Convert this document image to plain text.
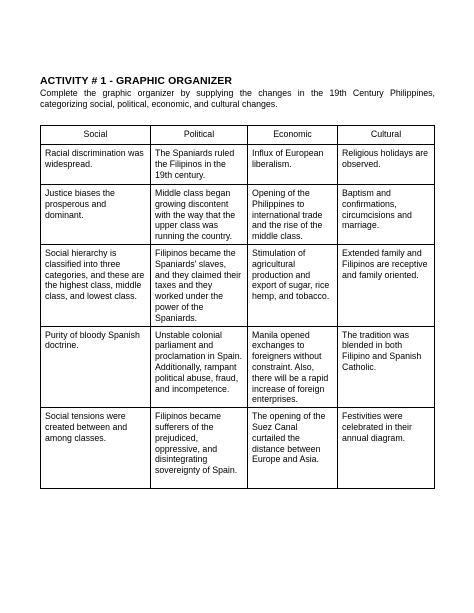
ACTIVITY # 1 - GRAPHIC ORGANIZER
Complete the graphic organizer by supplying the changes in the 19th Century Philippines, categorizing social, political, economic, and cultural changes.
Social	Political	Economic	Cultural
Racial discrimination was widespread.	The Spaniards ruled the Filipinos in the 19th century.	Influx of European liberalism.	Religious holidays are observed.
Justice biases the prosperous and dominant.	Middle class began growing discontent with the way that the upper class was running the country.	Opening of the Philippines to international trade and the rise of the middle class.	Baptism and confirmations, circumcisions and marriage.
Social hierarchy is classified into three categories, and these are the highest class, middle class, and lowest class.	Filipinos became the Spaniards' slaves, and they claimed their taxes and they worked under the power of the Spaniards.	Stimulation of agricultural production and export of sugar, rice hemp, and tobacco.	Extended family and Filipinos are receptive and family oriented.
Purity of bloody Spanish doctrine.	Unstable colonial parliament and proclamation in Spain. Additionally, rampant political abuse, fraud, and incompetence.	Manila opened exchanges to foreigners without constraint. Also, there will be a rapid increase of foreign enterprises.	The tradition was blended in both Filipino and Spanish Catholic.
Social tensions were created between and among classes.	Filipinos became sufferers of the prejudiced, oppressive, and disintegrating sovereignty of Spain.	The opening of the Suez Canal curtailed the distance between Europe and Asia.	Festivities were celebrated in their annual diagram.
